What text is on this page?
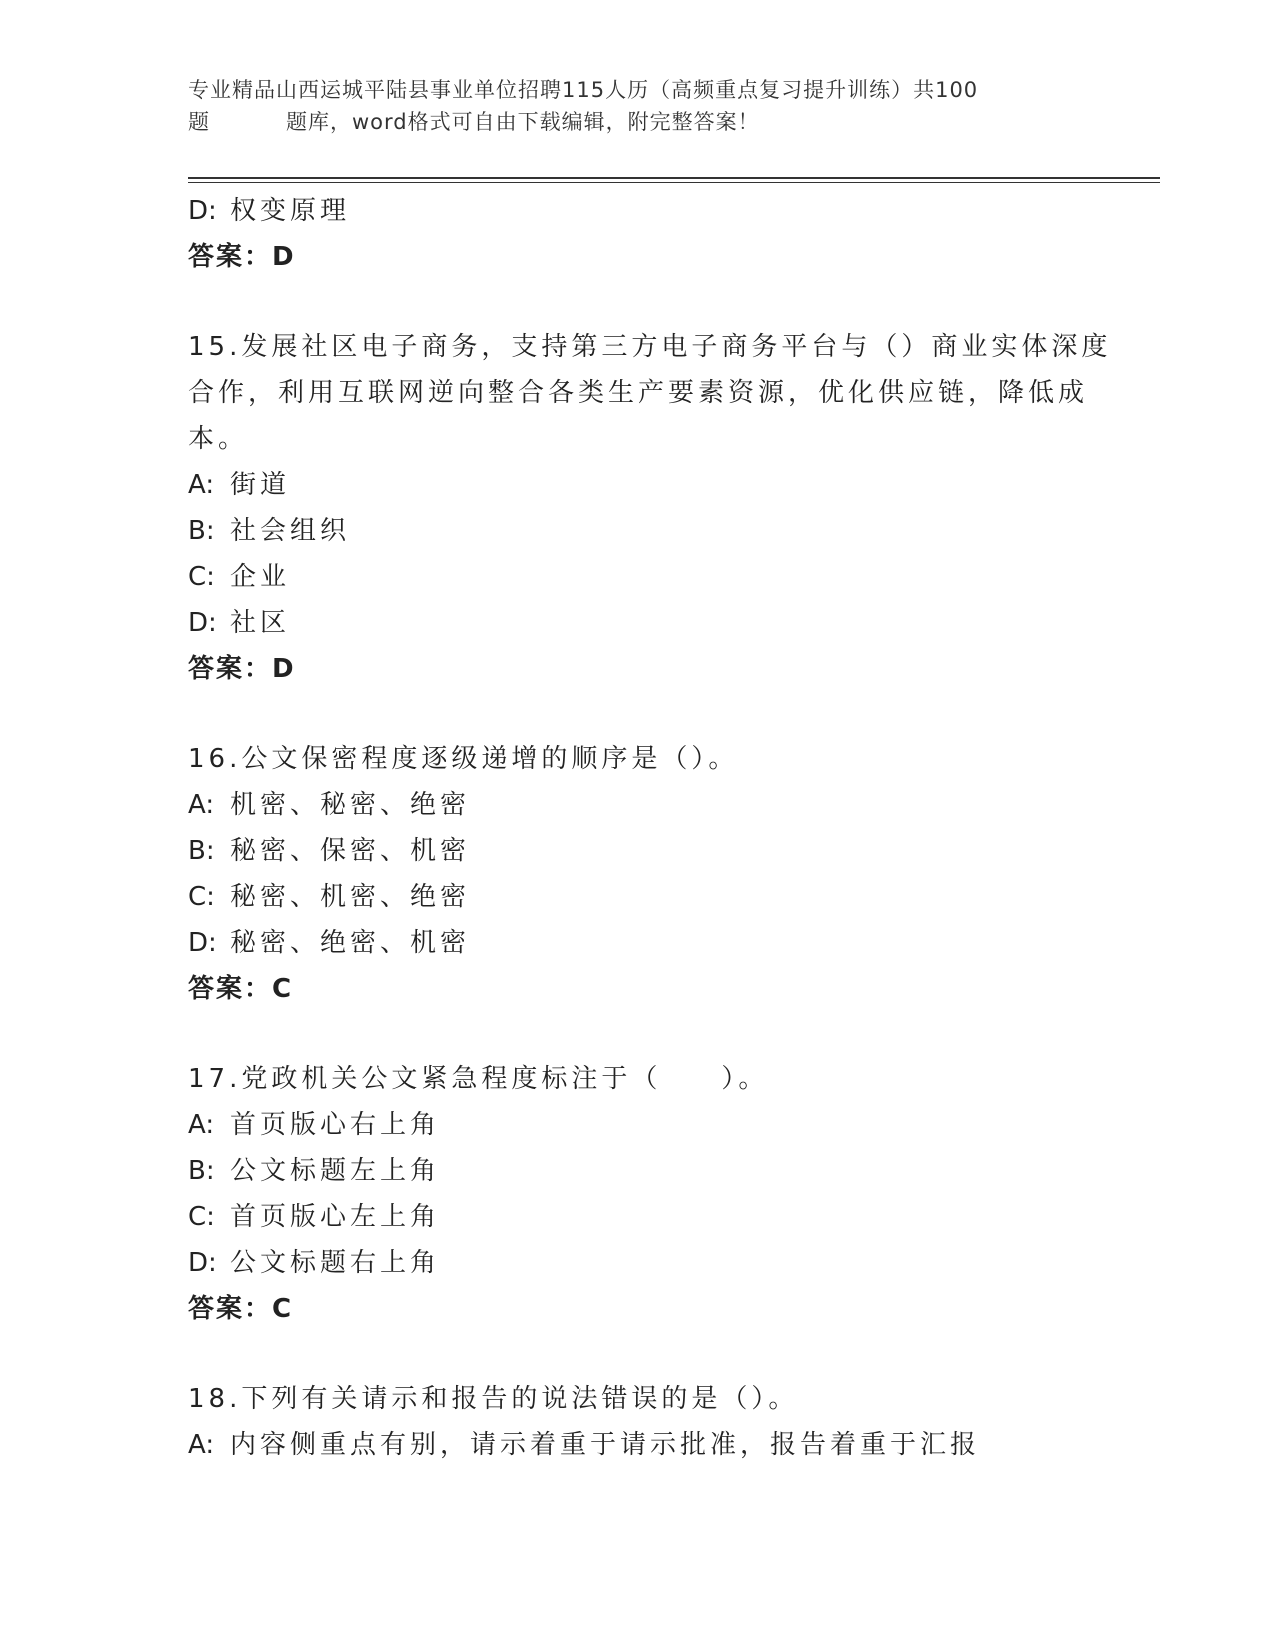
专业精品山西运城平陆县事业单位招聘115人历（高频重点复习提升训练）共100
题	题库，word格式可自由下载编辑，附完整答案！
D: 权变原理
答案：D
15.发展社区电子商务，支持第三方电子商务平台与（）商业实体深度
合作，利用互联网逆向整合各类生产要素资源，优化供应链，降低成
本。
A: 街道
B: 社会组织
C: 企业
D: 社区
答案：D
16.公文保密程度逐级递增的顺序是（）。
A: 机密、秘密、绝密
B: 秘密、保密、机密
C: 秘密、机密、绝密
D: 秘密、绝密、机密
答案：C
17.党政机关公文紧急程度标注于（　　）。
A: 首页版心右上角
B: 公文标题左上角
C: 首页版心左上角
D: 公文标题右上角
答案：C
18.下列有关请示和报告的说法错误的是（）。
A: 内容侧重点有别，请示着重于请示批准，报告着重于汇报
